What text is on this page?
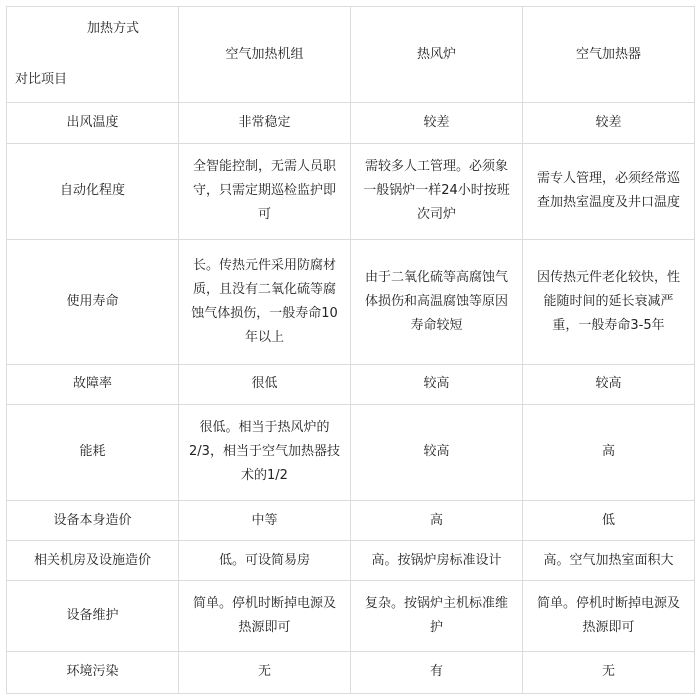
加热方式
对比项目	空气加热机组	热风炉	空气加热器
出风温度	非常稳定	较差	较差
自动化程度	全智能控制，无需人员职守，只需定期巡检监护即可	需较多人工管理。必须象一般锅炉一样24小时按班次司炉	需专人管理，必须经常巡查加热室温度及井口温度
使用寿命	长。传热元件采用防腐材质，且没有二氧化硫等腐蚀气体损伤，一般寿命10年以上	由于二氧化硫等高腐蚀气体损伤和高温腐蚀等原因寿命较短	因传热元件老化较快，性能随时间的延长衰减严重，一般寿命3-5年
故障率	很低	较高	较高
能耗	很低。相当于热风炉的2/3，相当于空气加热器技术的1/2	较高	高
设备本身造价	中等	高	低
相关机房及设施造价	低。可设简易房	高。按锅炉房标准设计	高。空气加热室面积大
设备维护	简单。停机时断掉电源及热源即可	复杂。按锅炉主机标准维护	简单。停机时断掉电源及热源即可
环境污染	无	有	无
